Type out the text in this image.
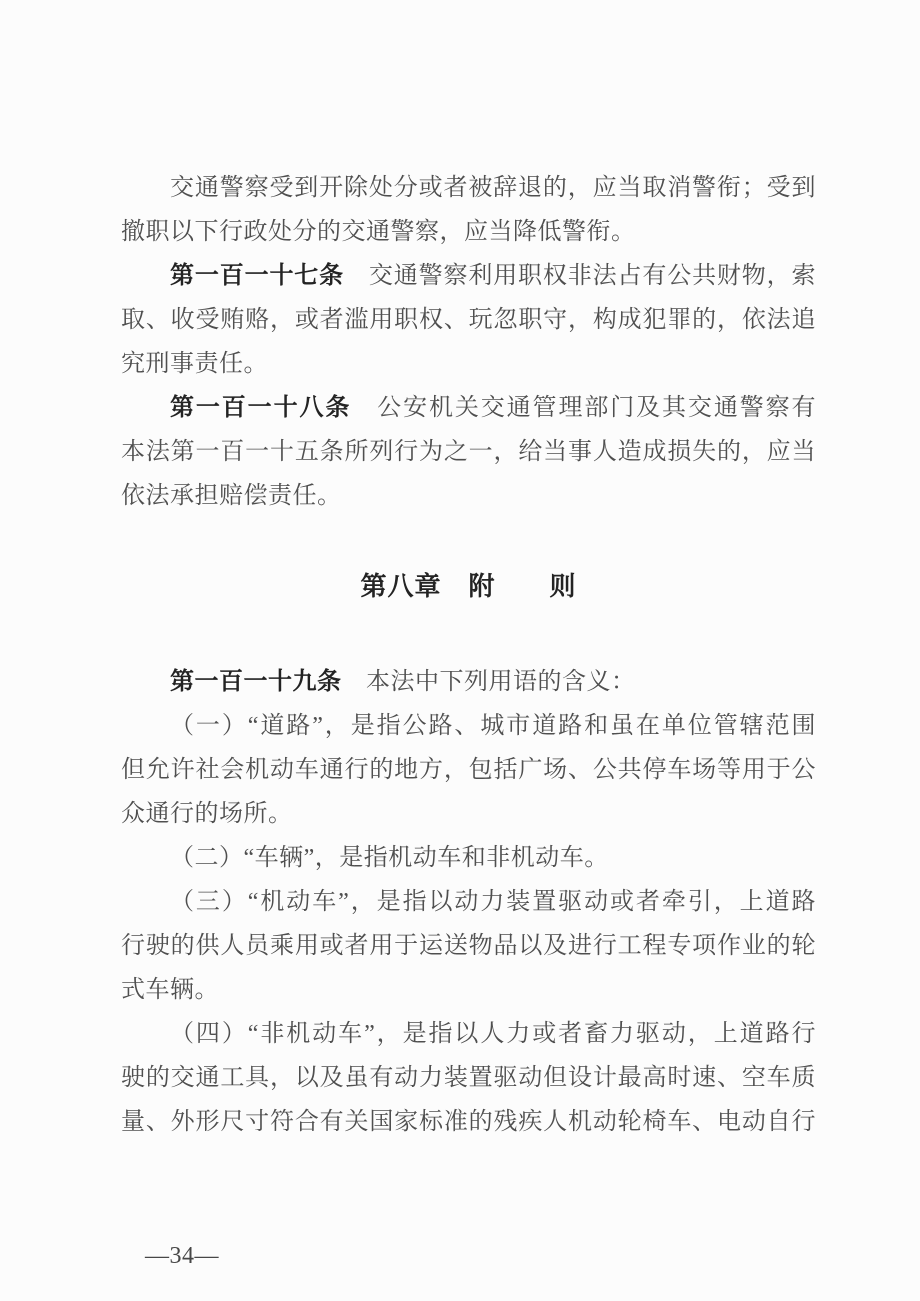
交通警察受到开除处分或者被辞退的，应当取消警衔；受到
撤职以下行政处分的交通警察，应当降低警衔。
第一百一十七条　交通警察利用职权非法占有公共财物，索
取、收受贿赂，或者滥用职权、玩忽职守，构成犯罪的，依法追
究刑事责任。
第一百一十八条　公安机关交通管理部门及其交通警察有
本法第一百一十五条所列行为之一，给当事人造成损失的，应当
依法承担赔偿责任。
第八章　附　　则
第一百一十九条　本法中下列用语的含义：
（一）“道路”，是指公路、城市道路和虽在单位管辖范围
但允许社会机动车通行的地方，包括广场、公共停车场等用于公
众通行的场所。
（二）“车辆”，是指机动车和非机动车。
（三）“机动车”，是指以动力装置驱动或者牵引，上道路
行驶的供人员乘用或者用于运送物品以及进行工程专项作业的轮
式车辆。
（四）“非机动车”，是指以人力或者畜力驱动，上道路行
驶的交通工具，以及虽有动力装置驱动但设计最高时速、空车质
量、外形尺寸符合有关国家标准的残疾人机动轮椅车、电动自行
—34—
